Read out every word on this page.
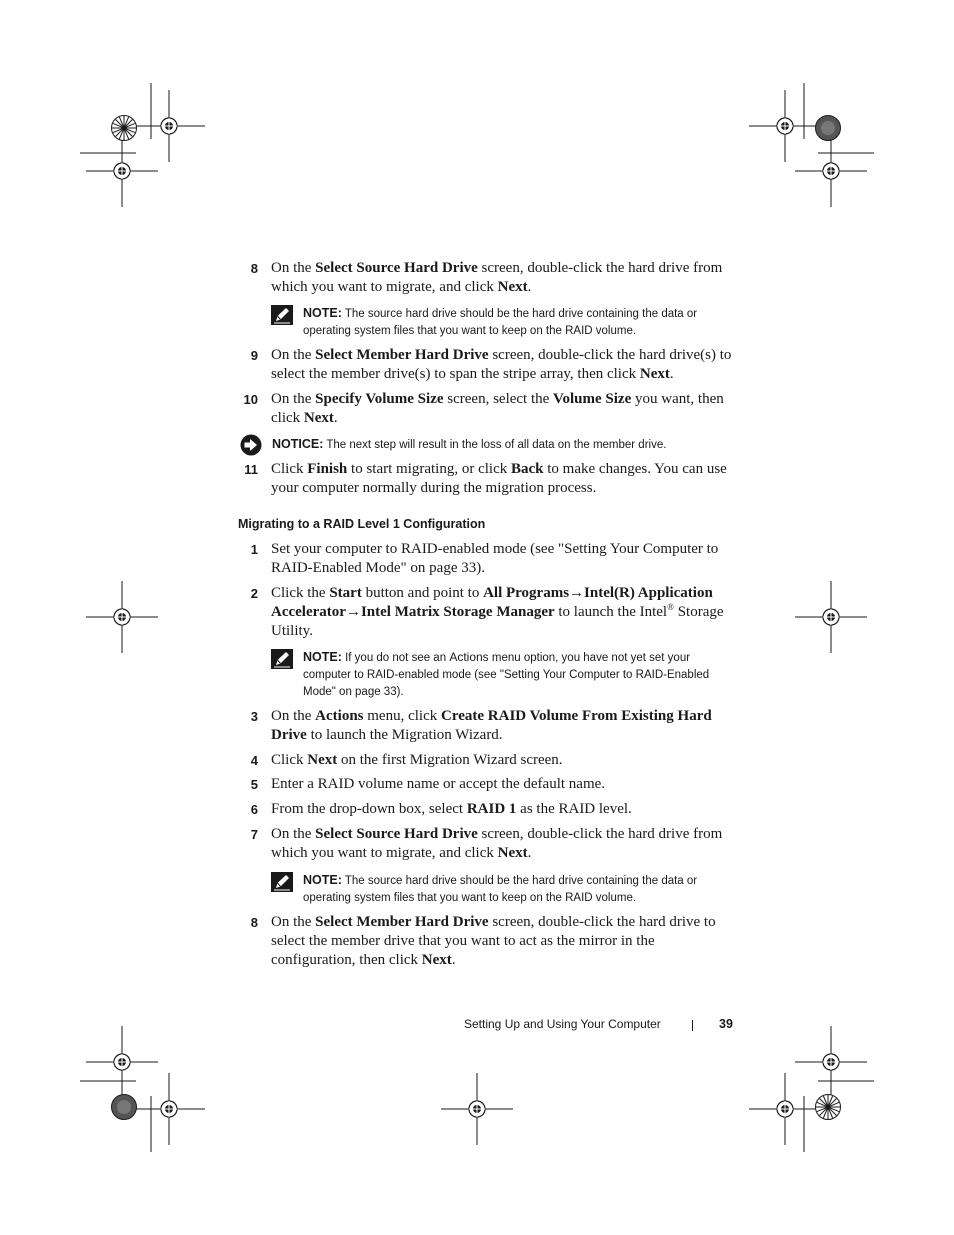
8 On the Select Source Hard Drive screen, double-click the hard drive from which you want to migrate, and click Next.
NOTE: The source hard drive should be the hard drive containing the data or operating system files that you want to keep on the RAID volume.
9 On the Select Member Hard Drive screen, double-click the hard drive(s) to select the member drive(s) to span the stripe array, then click Next.
10 On the Specify Volume Size screen, select the Volume Size you want, then click Next.
NOTICE: The next step will result in the loss of all data on the member drive.
11 Click Finish to start migrating, or click Back to make changes. You can use your computer normally during the migration process.
Migrating to a RAID Level 1 Configuration
1 Set your computer to RAID-enabled mode (see "Setting Your Computer to RAID-Enabled Mode" on page 33).
2 Click the Start button and point to All Programs→Intel(R) Application Accelerator→Intel Matrix Storage Manager to launch the Intel® Storage Utility.
NOTE: If you do not see an Actions menu option, you have not yet set your computer to RAID-enabled mode (see "Setting Your Computer to RAID-Enabled Mode" on page 33).
3 On the Actions menu, click Create RAID Volume From Existing Hard Drive to launch the Migration Wizard.
4 Click Next on the first Migration Wizard screen.
5 Enter a RAID volume name or accept the default name.
6 From the drop-down box, select RAID 1 as the RAID level.
7 On the Select Source Hard Drive screen, double-click the hard drive from which you want to migrate, and click Next.
NOTE: The source hard drive should be the hard drive containing the data or operating system files that you want to keep on the RAID volume.
8 On the Select Member Hard Drive screen, double-click the hard drive to select the member drive that you want to act as the mirror in the configuration, then click Next.
Setting Up and Using Your Computer	39
